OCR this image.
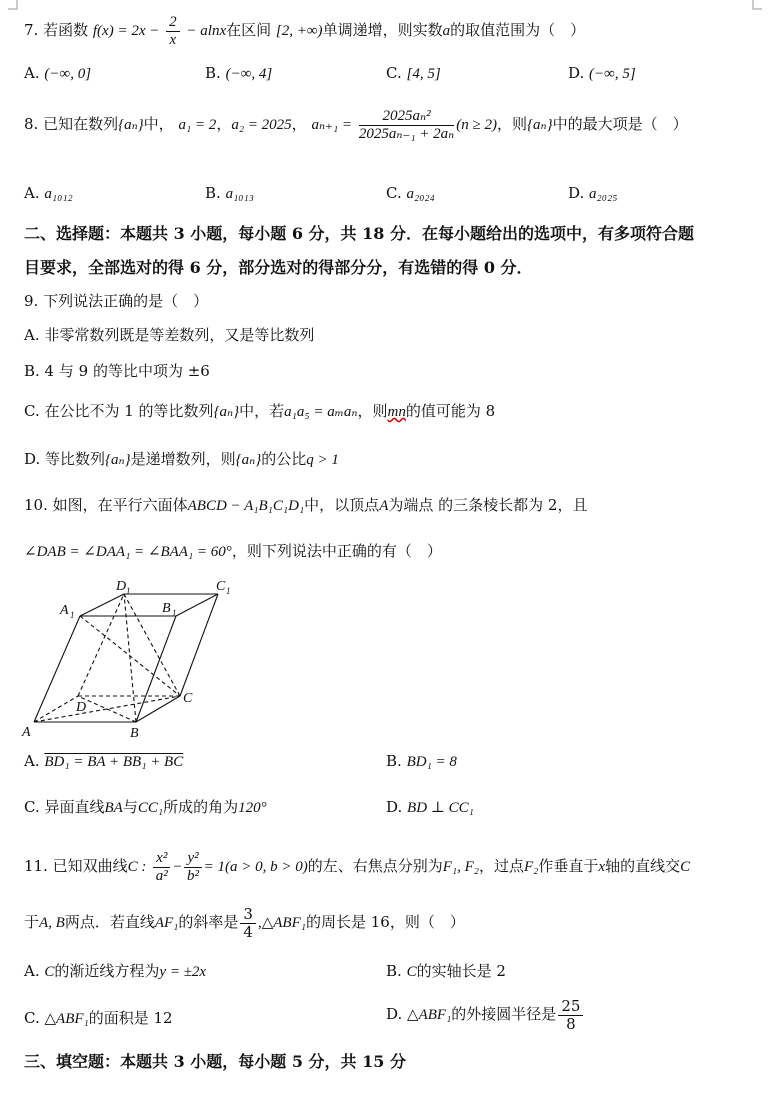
7. 若函数 $f(x) = 2x - \frac{2}{x} - alnx$在区间 [2, +∞)单调递增，则实数a的取值范围为（　）
A. (−∞, 0]	B. (−∞, 4]	C. [4, 5]	D. (−∞, 5]
8. 已知在数列{aₙ}中， a₁ = 2，a₂ = 2025， $a_{n+1} = \frac{\text{2025aₙ²}}{\text{2025aₙ₋₁ + 2aₙ}} (n \ge 2)$，则{aₙ}中的最大项是（　）
A. a₁₀₁₂	B. a₁₀₁₃	C. a₂₀₂₄	D. a₂₀₂₅
二、选择题：本题共 3 小题，每小题 6 分，共 18 分．在每小题给出的选项中，有多项符合题
目要求，全部选对的得 6 分，部分选对的得部分分，有选错的得 0 分．
9. 下列说法正确的是（　）
A. 非零常数列既是等差数列，又是等比数列
B. 4 与 9 的等比中项为 ±6
C. 在公比不为 1 的等比数列{aₙ}中，若a₁a₅ = aₘaₙ，则mn的值可能为 8
D. 等比数列{aₙ}是递增数列，则{aₙ}的公比q > 1
10. 如图，在平行六面体ABCD − A₁B₁C₁D₁中，以顶点A为端点 的三条棱长都为 2，且
∠DAB = ∠DAA₁ = ∠BAA₁ = 60°，则下列说法中正确的有（　）
A	B
C
D
A 1	B 1
C 1
D 1
A. BD₁ = BA + BB₁ + BC	B. BD₁ = 8
C. 异面直线BA与CC₁所成的角为120°	D. BD ⊥ CC₁
11. 已知双曲线C : $\frac{\text{x²}}{\text{a²}} - \frac{\text{y²}}{\text{b²}} = 1(a > 0$, b > 0)的左、右焦点分别为F₁, F₂，过点F₂作垂直于x轴的直线交C
于A, B两点．若直线AF₁的斜率是 $\frac{3}{4}$ ,△ABF₁的周长是 16，则（　）
A. C的渐近线方程为y = ±2x	B. C的实轴长是 2
C. △ABF₁的面积是 12	D. △ABF₁的外接圆半径是 $\frac{25}{8}$
三、填空题：本题共 3 小题，每小题 5 分，共 15 分
